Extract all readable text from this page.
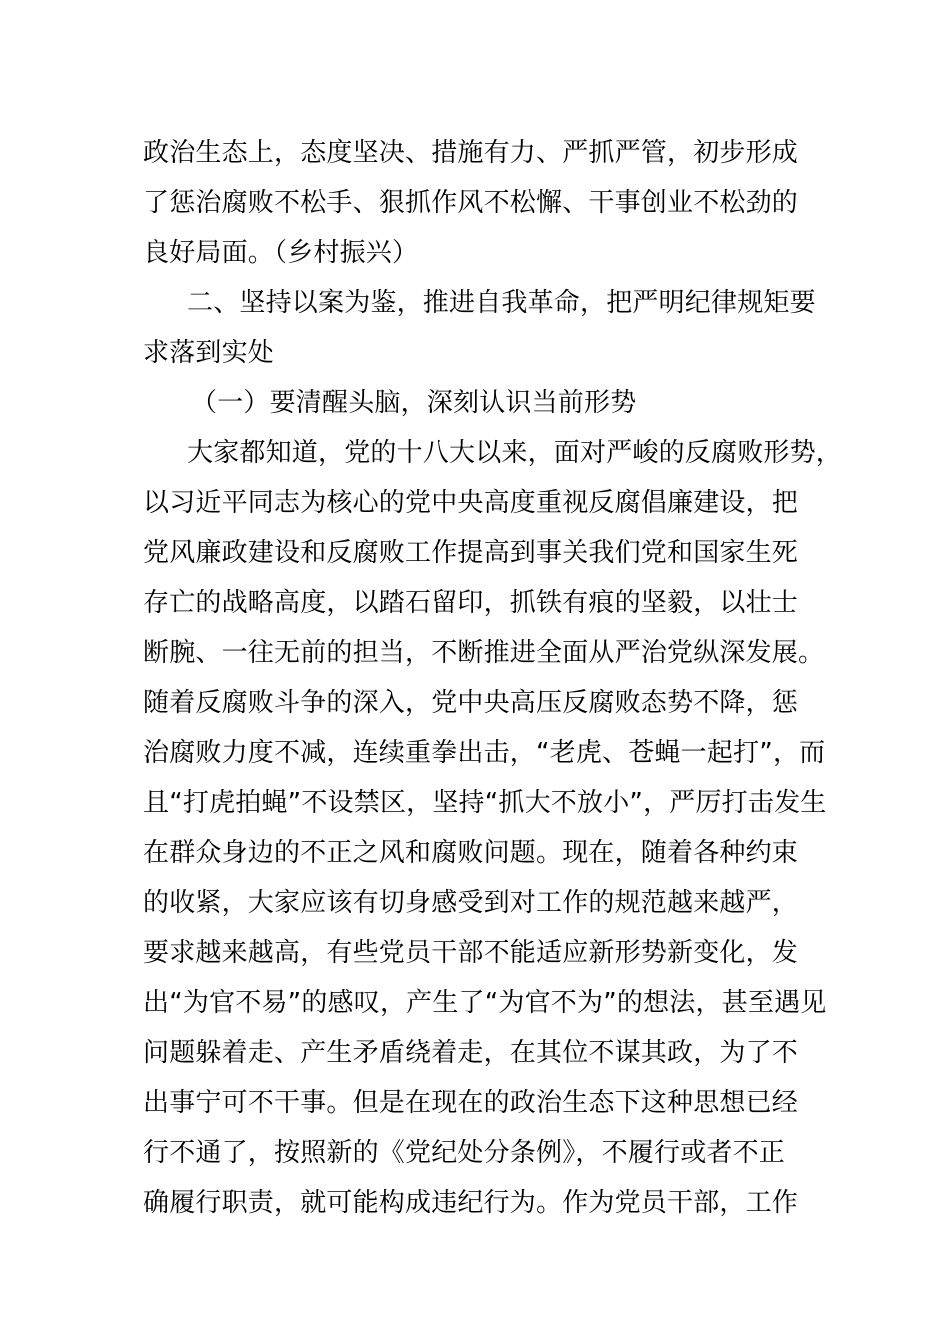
政治生态上，态度坚决、措施有力、严抓严管，初步形成
了惩治腐败不松手、狠抓作风不松懈、干事创业不松劲的
良好局面。（乡村振兴）
二、坚持以案为鉴，推进自我革命，把严明纪律规矩要
求落到实处
（一）要清醒头脑，深刻认识当前形势
大家都知道，党的十八大以来，面对严峻的反腐败形势，
以习近平同志为核心的党中央高度重视反腐倡廉建设，把
党风廉政建设和反腐败工作提高到事关我们党和国家生死
存亡的战略高度，以踏石留印，抓铁有痕的坚毅，以壮士
断腕、一往无前的担当，不断推进全面从严治党纵深发展。
随着反腐败斗争的深入，党中央高压反腐败态势不降，惩
治腐败力度不减，连续重拳出击，“老虎、苍蝇一起打”，而
且“打虎拍蝇”不设禁区，坚持“抓大不放小”，严厉打击发生
在群众身边的不正之风和腐败问题。现在，随着各种约束
的收紧，大家应该有切身感受到对工作的规范越来越严，
要求越来越高，有些党员干部不能适应新形势新变化，发
出“为官不易”的感叹，产生了“为官不为”的想法，甚至遇见
问题躲着走、产生矛盾绕着走，在其位不谋其政，为了不
出事宁可不干事。但是在现在的政治生态下这种思想已经
行不通了，按照新的《党纪处分条例》，不履行或者不正
确履行职责，就可能构成违纪行为。作为党员干部，工作
